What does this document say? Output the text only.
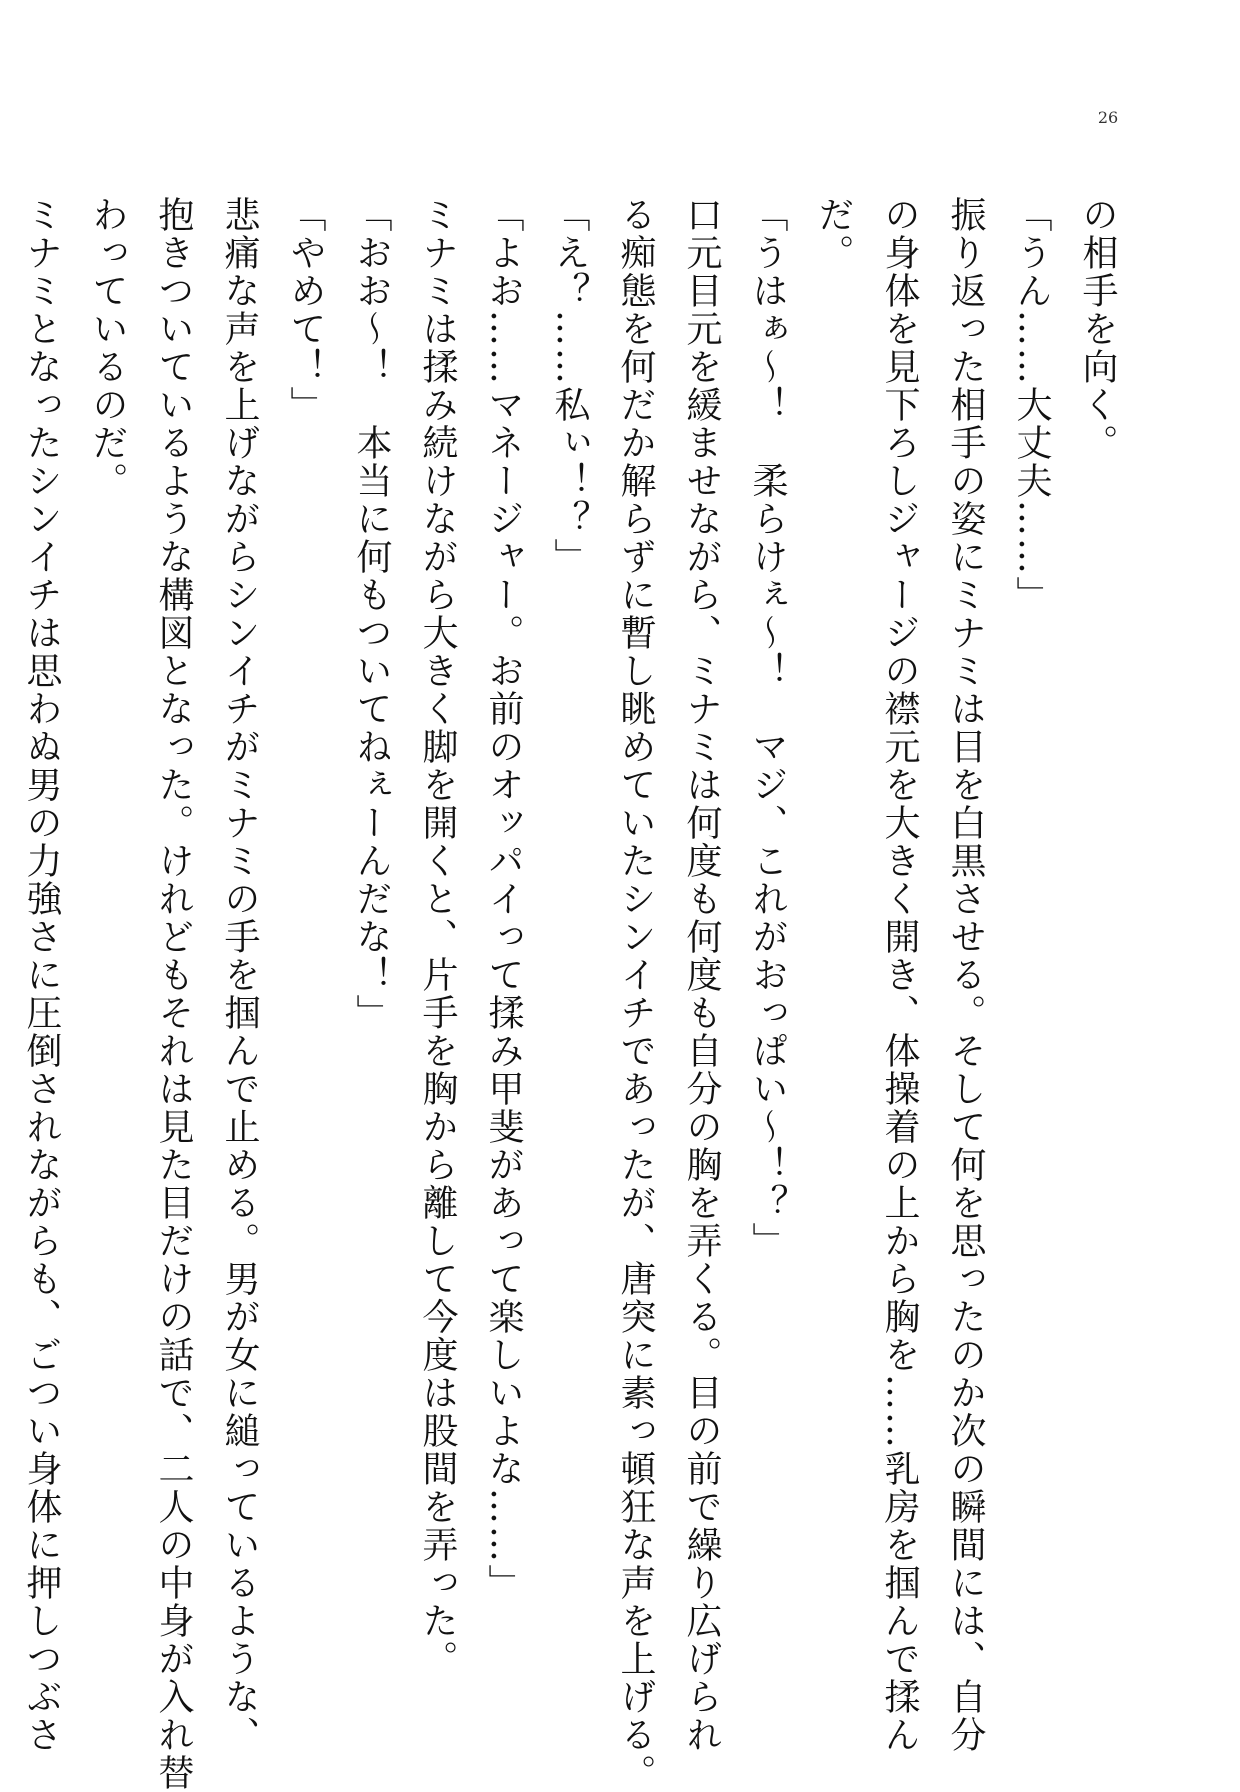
26
の相手を向く。
「うん……大丈夫……」
振り返った相手の姿にミナミは目を白黒させる。そして何を思ったのか次の瞬間には、自分
の身体を見下ろしジャージの襟元を大きく開き、体操着の上から胸を……乳房を掴んで揉ん
だ。
「うはぁ～！　柔らけぇ～！　マジ、これがおっぱい～！？」
口元目元を緩ませながら、ミナミは何度も何度も自分の胸を弄くる。目の前で繰り広げられ
る痴態を何だか解らずに暫し眺めていたシンイチであったが、唐突に素っ頓狂な声を上げる。
「え？……私ぃ！？」
「よお……マネージャー。お前のオッパイって揉み甲斐があって楽しいよな……」
ミナミは揉み続けながら大きく脚を開くと、片手を胸から離して今度は股間を弄った。
「おお～！　本当に何もついてねぇーんだな！」
「やめて！」
悲痛な声を上げながらシンイチがミナミの手を掴んで止める。男が女に縋っているような、
抱きついているような構図となった。けれどもそれは見た目だけの話で、二人の中身が入れ替
わっているのだ。
ミナミとなったシンイチは思わぬ男の力強さに圧倒されながらも、ごつい身体に押しつぶさ
